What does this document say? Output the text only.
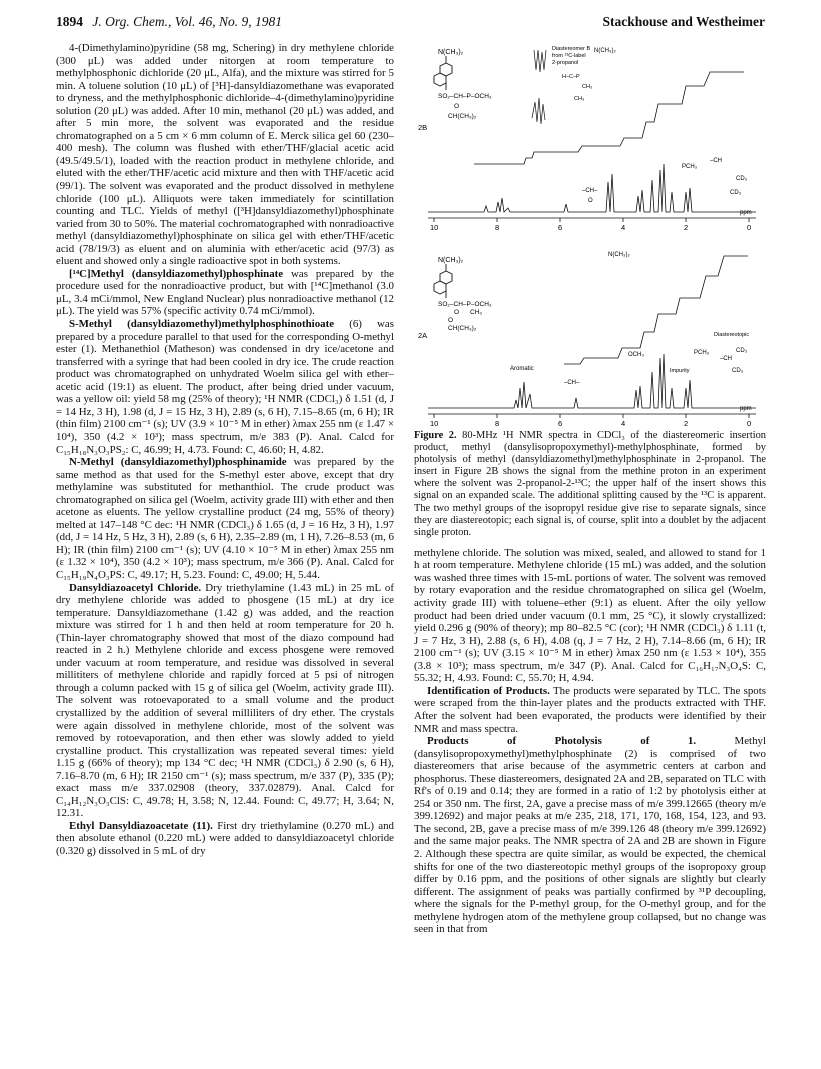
1894 J. Org. Chem., Vol. 46, No. 9, 1981	Stackhouse and Westheimer

4-(Dimethylamino)pyridine (58 mg, Schering) in dry methylene chloride (300 μL) was added under nitorgen at room temperature to methylphosphonic dichloride (20 μL, Alfa), and the mixture was stirred for 5 min. A toluene solution (10 μL) of [³H]-dansyldiazomethane was evaporated to dryness, and the methylphosphonic dichloride–4-(dimethylamino)pyridine solution (20 μL) was added. After 10 min, methanol (20 μL) was added, and after 5 min more, the solvent was evaporated and the residue chromatographed on a 5 cm × 6 mm column of E. Merck silica gel 60 (230–400 mesh). The column was flushed with ether/THF/glacial acetic acid (49.5/49.5/1), loaded with the reaction product in methylene chloride, and eluted with the ether/THF/acetic acid mixture and then with THF/acetic acid (99/1). The solvent was evaporated and the product dissolved in methylene chloride (100 μL). Alliquots were taken immediately for scintillation counting and TLC. Yields of methyl ([³H]dansyldiazomethyl)phosphinate varied from 30 to 50%. The material cochromatographed with nonradioactive methyl (dansyldiazomethyl)phosphinate on silica gel with ether/THF/acetic acid (78/19/3) as eluent and on aluminia with ether/acetic acid (97/3) as eluent and showed only a single radioactive spot in both systems.

[¹⁴C]Methyl (dansyldiazomethyl)phosphinate was prepared by the procedure used for the nonradioactive product, but with [¹⁴C]methanol (3.0 μL, 3.4 mCi/mmol, New England Nuclear) plus nonradioactive methanol (12 μL). The yield was 57% (specific activity 0.74 mCi/mmol).

S-Methyl (dansyldiazomethyl)methylphosphinothioate (6) was prepared by a procedure parallel to that used for the corresponding O-methyl ester (1). Methanethiol (Matheson) was condensed in dry ice/acetone and transferred with a syringe that had been cooled in dry ice. The crude reaction product was chromatographed on unhydrated Woelm silica gel with ether–acetic acid (19:1) as eluent. The product, after being dried under vacuum, was a yellow oil: yield 58 mg (25% of theory); ¹H NMR (CDCl₃) δ 1.51 (d, J = 14 Hz, 3 H), 1.98 (d, J = 15 Hz, 3 H), 2.89 (s, 6 H), 7.15–8.65 (m, 6 H); IR (thin film) 2100 cm⁻¹ (s); UV (3.9 × 10⁻⁵ M in ether) λmax 255 nm (ε 1.47 × 10⁴), 350 (4.2 × 10³); mass spectrum, m/e 383 (P). Anal. Calcd for C₁₅H₁₈N₃O₃PS₂: C, 46.99; H, 4.73. Found: C, 46.60; H, 4.82.

N-Methyl (dansyldiazomethyl)phosphinamide was prepared by the same method as that used for the S-methyl ester above, except that dry methylamine was substituted for methanthiol. The crude product was chromatographed on silica gel (Woelm, activity grade III) with ether and then acetone as eluents. The yellow crystalline product (24 mg, 55% of theory) melted at 147–148 °C dec: ¹H NMR (CDCl₃) δ 1.65 (d, J = 16 Hz, 3 H), 1.97 (dd, J = 14 Hz, 5 Hz, 3 H), 2.89 (s, 6 H), 2.35–2.89 (m, 1 H), 7.26–8.53 (m, 6 H); IR (thin film) 2100 cm⁻¹ (s); UV (4.10 × 10⁻⁵ M in ether) λmax 255 nm (ε 1.32 × 10⁴), 350 (4.2 × 10³); mass spectrum, m/e 366 (P). Anal. Calcd for C₁₅H₁₉N₄O₃PS: C, 49.17; H, 5.23. Found: C, 49.00; H, 5.44.

Dansyldiazoacetyl Chloride. Dry triethylamine (1.43 mL) in 25 mL of dry methylene chloride was added to phosgene (15 mL) at dry ice temperature. Dansyldiazomethane (1.42 g) was added, and the reaction mixture was stirred for 1 h and then held at room temperature for 20 h. (Thin-layer chromatography showed that most of the diazo compound had reacted in 2 h.) Methylene chloride and excess phosgene were removed under vacuum at room temperature, and residue was dissolved in several millititers of methylene chloride and rapidly forced at 5 psi of nitrogen through a column packed with 15 g of silica gel (Woelm, activity grade III). The solvent was rotoevaporated to a small volume and the product crystallized by the addition of several milliliters of dry ether. The crystals were again dissolved in methylene chloride, most of the solvent was removed by rotoevaporation, and then ether was slowly added to yield crystalline product. This crystallization was repeated several times: yield 1.15 g (66% of theory); mp 134 °C dec; ¹H NMR (CDCl₃) δ 2.90 (s, 6 H), 7.16–8.70 (m, 6 H); IR 2150 cm⁻¹ (s); mass spectrum, m/e 337 (P), 335 (P); exact mass m/e 337.02908 (theory, 337.02879). Anal. Calcd for C₁₄H₁₂N₃O₃ClS: C, 49.78; H, 3.58; N, 12.44. Found: C, 49.77; H, 3.64; N, 12.31.

Ethyl Dansyldiazoacetate (11). First dry triethylamine (0.270 mL) and then absolute ethanol (0.220 mL) were added to dansyldiazoacetyl chloride (0.320 g) dissolved in 5 mL of dry

N(CH₃)₂
SO₂–CH–P–OCH₃
O
CH(CH₃)₂
2B
Diastereomer B
from ¹³C-label
2-propanol
N(CH₃)₂
H–C–P
CH₃
CH₃
CD₃
PCH₃
–CH
CD₃
–CH–
O
10	8	6	4	2	0
ppm
N(CH₃)₂
SO₂–CH–P–OCH₃
O CH₃
O
CH(CH₃)₂
2A
N(CH₃)₂
Diastereotopic
CD₃
PCH₃
–CH
CD₃
OCH₃
Aromatic
–CH–
Impurity
10	8	6	4	2	0
ppm
Figure 2. 80-MHz ¹H NMR spectra in CDCl₃ of the diastereomeric insertion product, methyl (dansylisopropoxymethyl)-methylphosphinate, formed by photolysis of methyl (dansyldiazomethyl)methylphosphinate in 2-propanol. The insert in Figure 2B shows the signal from the methine proton in an experiment where the solvent was 2-propanol-2-¹³C; the upper half of the insert shows this signal on an expanded scale. The additional splitting caused by the ¹³C is apparent. The two methyl groups of the isopropyl residue give rise to separate signals, since they are diastereotopic; each signal is, of course, split into a doublet by the adjacent single proton.

methylene chloride. The solution was mixed, sealed, and allowed to stand for 1 h at room temperature. Methylene chloride (15 mL) was added, and the solution was washed three times with 15-mL portions of water. The solvent was removed by rotary evaporation and the residue chromatographed on silica gel (Woelm, activity grade III) with toluene–ether (9:1) as eluent. After the oily yellow product had been dried under vacuum (0.1 mm, 25 °C), it slowly crystallized: yield 0.296 g (90% of theory); mp 80–82.5 °C (cor); ¹H NMR (CDCl₃) δ 1.11 (t, J = 7 Hz, 3 H), 2.88 (s, 6 H), 4.08 (q, J = 7 Hz, 2 H), 7.14–8.66 (m, 6 H); IR 2100 cm⁻¹ (s); UV (3.15 × 10⁻⁵ M in ether) λmax 250 nm (ε 1.53 × 10⁴), 355 (3.8 × 10³); mass spectrum, m/e 347 (P). Anal. Calcd for C₁₆H₁₇N₃O₄S: C, 55.32; H, 4.93. Found: C, 55.70; H, 4.94.

Identification of Products. The products were separated by TLC. The spots were scraped from the thin-layer plates and the products extracted with THF. After the solvent had been evaporated, the products were identified by their NMR and mass spectra.

Products of Photolysis of 1. Methyl (dansylisopropoxymethyl)methylphosphinate (2) is comprised of two diastereomers that arise because of the asymmetric centers at carbon and phosphorus. These diastereomers, designated 2A and 2B, separated on TLC with Rf's of 0.19 and 0.14; they are formed in a ratio of 1:2 by photolysis either at 254 or 350 nm. The first, 2A, gave a precise mass of m/e 399.12665 (theory m/e 399.12692) and major peaks at m/e 235, 218, 171, 170, 168, 154, 123, and 93. The second, 2B, gave a precise mass of m/e 399.126 48 (theory m/e 399.12692) and the same major peaks. The NMR spectra of 2A and 2B are shown in Figure 2. Although these spectra are quite similar, as would be expected, the chemical shifts for one of the two diastereotopic methyl groups of the isopropoxy group differ by 0.16 ppm, and the positions of other signals are slightly but clearly different. The assignment of peaks was partially confirmed by ³¹P decoupling, where the signals for the P-methyl group, for the O-methyl group, and for the methylene hydrogen atom of the methylene group collapsed, but no change was seen in that from
